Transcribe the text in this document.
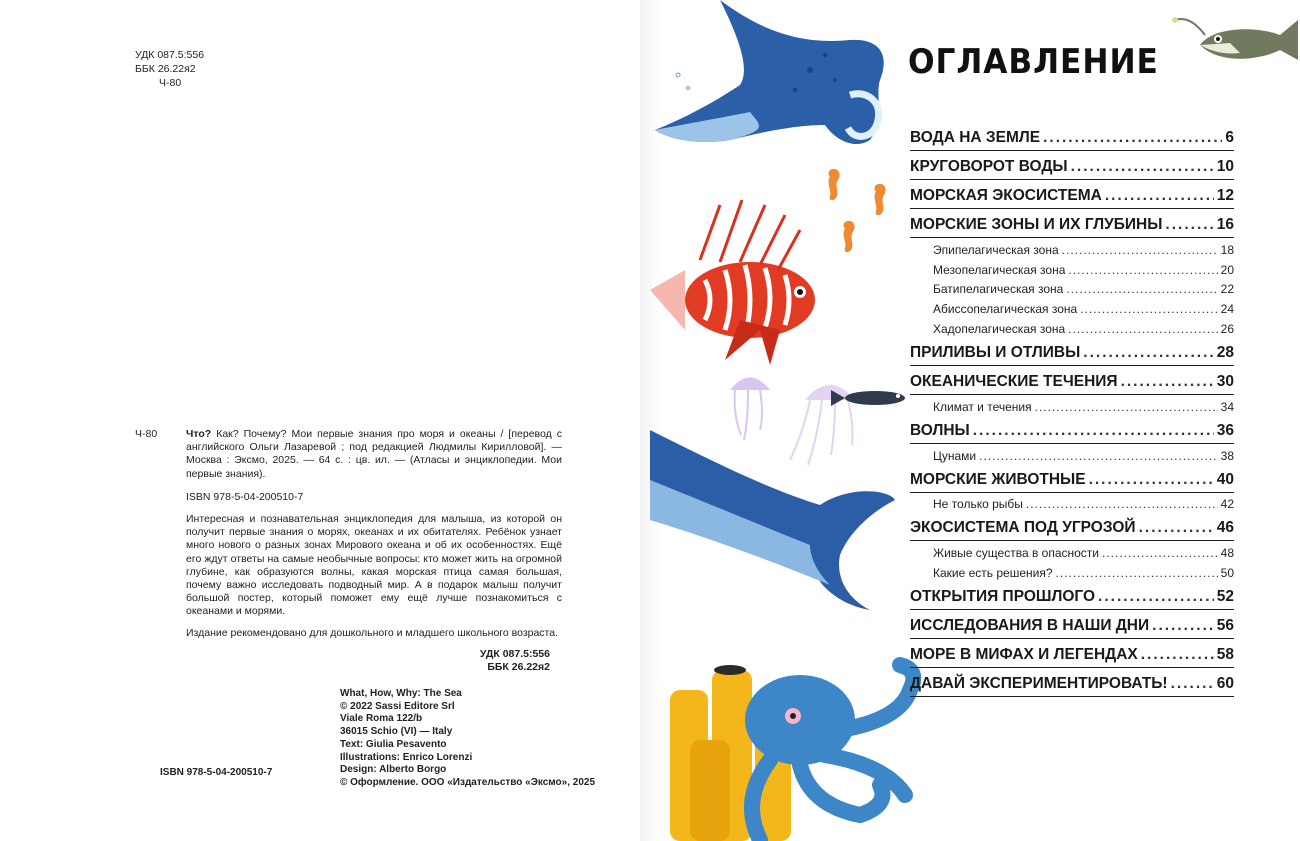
УДК 087.5:556
ББК 26.22я2
Ч-80
Ч-80	Что? Как? Почему? Мои первые знания про моря и океаны / [перевод с английского Ольги Лазаревой ; под редакцией Людмилы Кирилловой]. — Москва : Эксмо, 2025. — 64 с. : цв. ил. — (Атласы и энциклопедии. Мои первые знания).
ISBN 978-5-04-200510-7
Интересная и познавательная энциклопедия для малыша, из которой он получит первые знания о морях, океанах и их обитателях. Ребёнок узнает много нового о разных зонах Мирового океана и об их особенностях. Ещё его ждут ответы на самые необычные вопросы: кто может жить на огромной глубине, как образуются волны, какая морская птица самая большая, почему важно исследовать подводный мир. А в подарок малыш получит большой постер, который поможет ему ещё лучше познакомиться с океанами и морями.
Издание рекомендовано для дошкольного и младшего школьного возраста.
УДК 087.5:556
ББК 26.22я2
What, How, Why: The Sea
© 2022 Sassi Editore Srl
Viale Roma 122/b
36015 Schio (VI) — Italy
Text: Giulia Pesavento
Illustrations: Enrico Lorenzi
Design: Alberto Borgo
© Оформление. ООО «Издательство «Эксмо», 2025
ISBN 978-5-04-200510-7
ОГЛАВЛЕНИЕ
ВОДА НА ЗЕМЛЕ .....	6
КРУГОВОРОТ ВОДЫ .....	10
МОРСКАЯ ЭКОСИСТЕМА .....	12
МОРСКИЕ ЗОНЫ И ИХ ГЛУБИНЫ .....	16
Эпипелагическая зона .....	18
Мезопелагическая зона .....	20
Батипелагическая зона .....	22
Абиссопелагическая зона .....	24
Хадопелагическая зона .....	26
ПРИЛИВЫ И ОТЛИВЫ .....	28
ОКЕАНИЧЕСКИЕ ТЕЧЕНИЯ .....	30
Климат и течения .....	34
ВОЛНЫ .....	36
Цунами .....	38
МОРСКИЕ ЖИВОТНЫЕ .....	40
Не только рыбы .....	42
ЭКОСИСТЕМА ПОД УГРОЗОЙ .....	46
Живые существа в опасности .....	48
Какие есть решения? .....	50
ОТКРЫТИЯ ПРОШЛОГО .....	52
ИССЛЕДОВАНИЯ В НАШИ ДНИ .....	56
МОРЕ В МИФАХ И ЛЕГЕНДАХ .....	58
ДАВАЙ ЭКСПЕРИМЕНТИРОВАТЬ! .....	60
